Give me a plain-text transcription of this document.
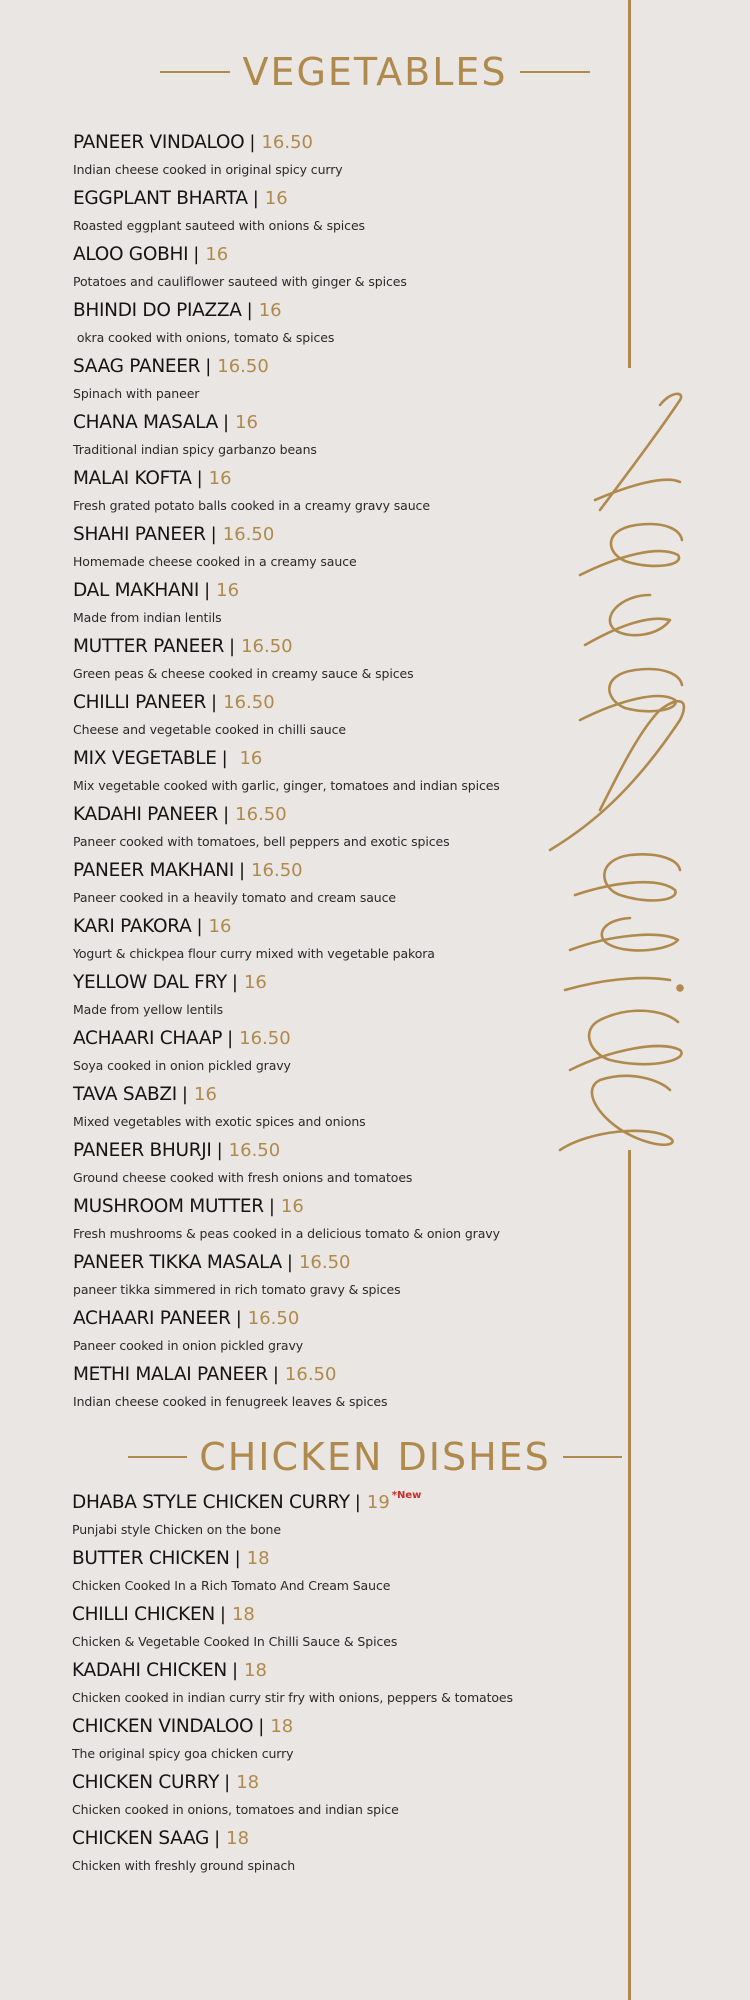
VEGETABLES
PANEER VINDALOO | 16.50
Indian cheese cooked in original spicy curry
EGGPLANT BHARTA | 16
Roasted eggplant sauteed with onions & spices
ALOO GOBHI | 16
Potatoes and cauliflower sauteed with ginger & spices
BHINDI DO PIAZZA | 16
okra cooked with onions, tomato & spices
SAAG PANEER | 16.50
Spinach with paneer
CHANA MASALA | 16
Traditional indian spicy garbanzo beans
MALAI KOFTA | 16
Fresh grated potato balls cooked in a creamy gravy sauce
SHAHI PANEER | 16.50
Homemade cheese cooked in a creamy sauce
DAL MAKHANI | 16
Made from indian lentils
MUTTER PANEER | 16.50
Green peas & cheese cooked in creamy sauce & spices
CHILLI PANEER | 16.50
Cheese and vegetable cooked in chilli sauce
MIX VEGETABLE | 16
Mix vegetable cooked with garlic, ginger, tomatoes and indian spices
KADAHI PANEER | 16.50
Paneer cooked with tomatoes, bell peppers and exotic spices
PANEER MAKHANI | 16.50
Paneer cooked in a heavily tomato and cream sauce
KARI PAKORA | 16
Yogurt & chickpea flour curry mixed with vegetable pakora
YELLOW DAL FRY | 16
Made from yellow lentils
ACHAARI CHAAP | 16.50
Soya cooked in onion pickled gravy
TAVA SABZI | 16
Mixed vegetables with exotic spices and onions
PANEER BHURJI | 16.50
Ground cheese cooked with fresh onions and tomatoes
MUSHROOM MUTTER | 16
Fresh mushrooms & peas cooked in a delicious tomato & onion gravy
PANEER TIKKA MASALA | 16.50
paneer tikka simmered in rich tomato gravy & spices
ACHAARI PANEER | 16.50
Paneer cooked in onion pickled gravy
METHI MALAI PANEER | 16.50
Indian cheese cooked in fenugreek leaves & spices
CHICKEN DISHES
DHABA STYLE CHICKEN CURRY | 19 *New
Punjabi style Chicken on the bone
BUTTER CHICKEN | 18
Chicken Cooked In a Rich Tomato And Cream Sauce
CHILLI CHICKEN | 18
Chicken & Vegetable Cooked In Chilli Sauce & Spices
KADAHI CHICKEN | 18
Chicken cooked in indian curry stir fry with onions, peppers & tomatoes
CHICKEN VINDALOO | 18
The original spicy goa chicken curry
CHICKEN CURRY | 18
Chicken cooked in onions, tomatoes and indian spice
CHICKEN SAAG | 18
Chicken with freshly ground spinach
